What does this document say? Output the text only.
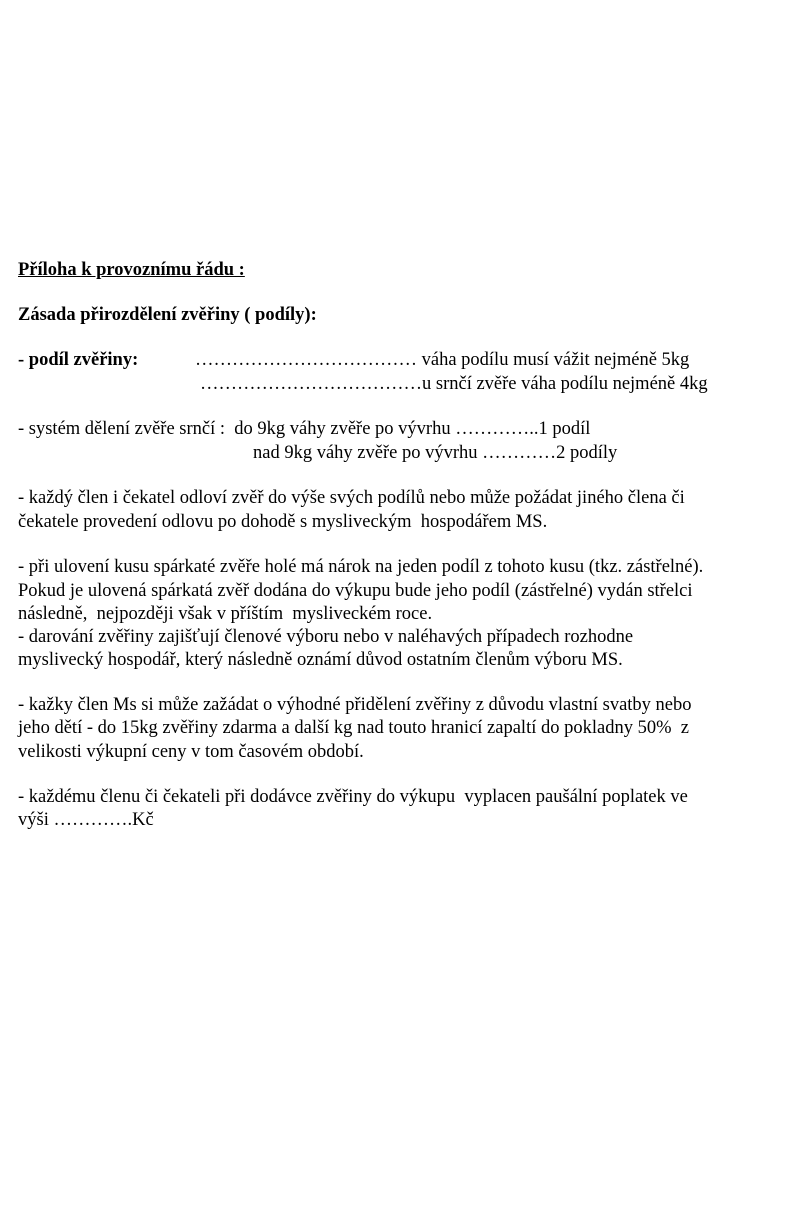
Příloha k provoznímu řádu :
Zásada přirozdělení zvěřiny ( podíly):
- podíl zvěřiny:	……………………………… váha podílu musí vážit nejméně 5kg
………………………………u srnčí zvěře váha podílu nejméně 4kg
- systém dělení zvěře srnčí :  do 9kg váhy zvěře po vývrhu …………..1 podíl
nad 9kg váhy zvěře po vývrhu …………2 podíly
- každý člen i čekatel odloví zvěř do výše svých podílů nebo může požádat jiného člena či
čekatele provedení odlovu po dohodě s mysliveckým  hospodářem MS.
- při ulovení kusu spárkaté zvěře holé má nárok na jeden podíl z tohoto kusu (tkz. zástřelné).
Pokud je ulovená spárkatá zvěř dodána do výkupu bude jeho podíl (zástřelné) vydán střelci
následně,  nejpozději však v příštím  mysliveckém roce.
- darování zvěřiny zajišťují členové výboru nebo v naléhavých případech rozhodne
myslivecký hospodář, který následně oznámí důvod ostatním členům výboru MS.
- kažky člen Ms si může zažádat o výhodné přidělení zvěřiny z důvodu vlastní svatby nebo
jeho dětí - do 15kg zvěřiny zdarma a další kg nad touto hranicí zapaltí do pokladny 50%  z
velikosti výkupní ceny v tom časovém období.
- každému členu či čekateli při dodávce zvěřiny do výkupu  vyplacen paušální poplatek ve
výši ………….Kč
